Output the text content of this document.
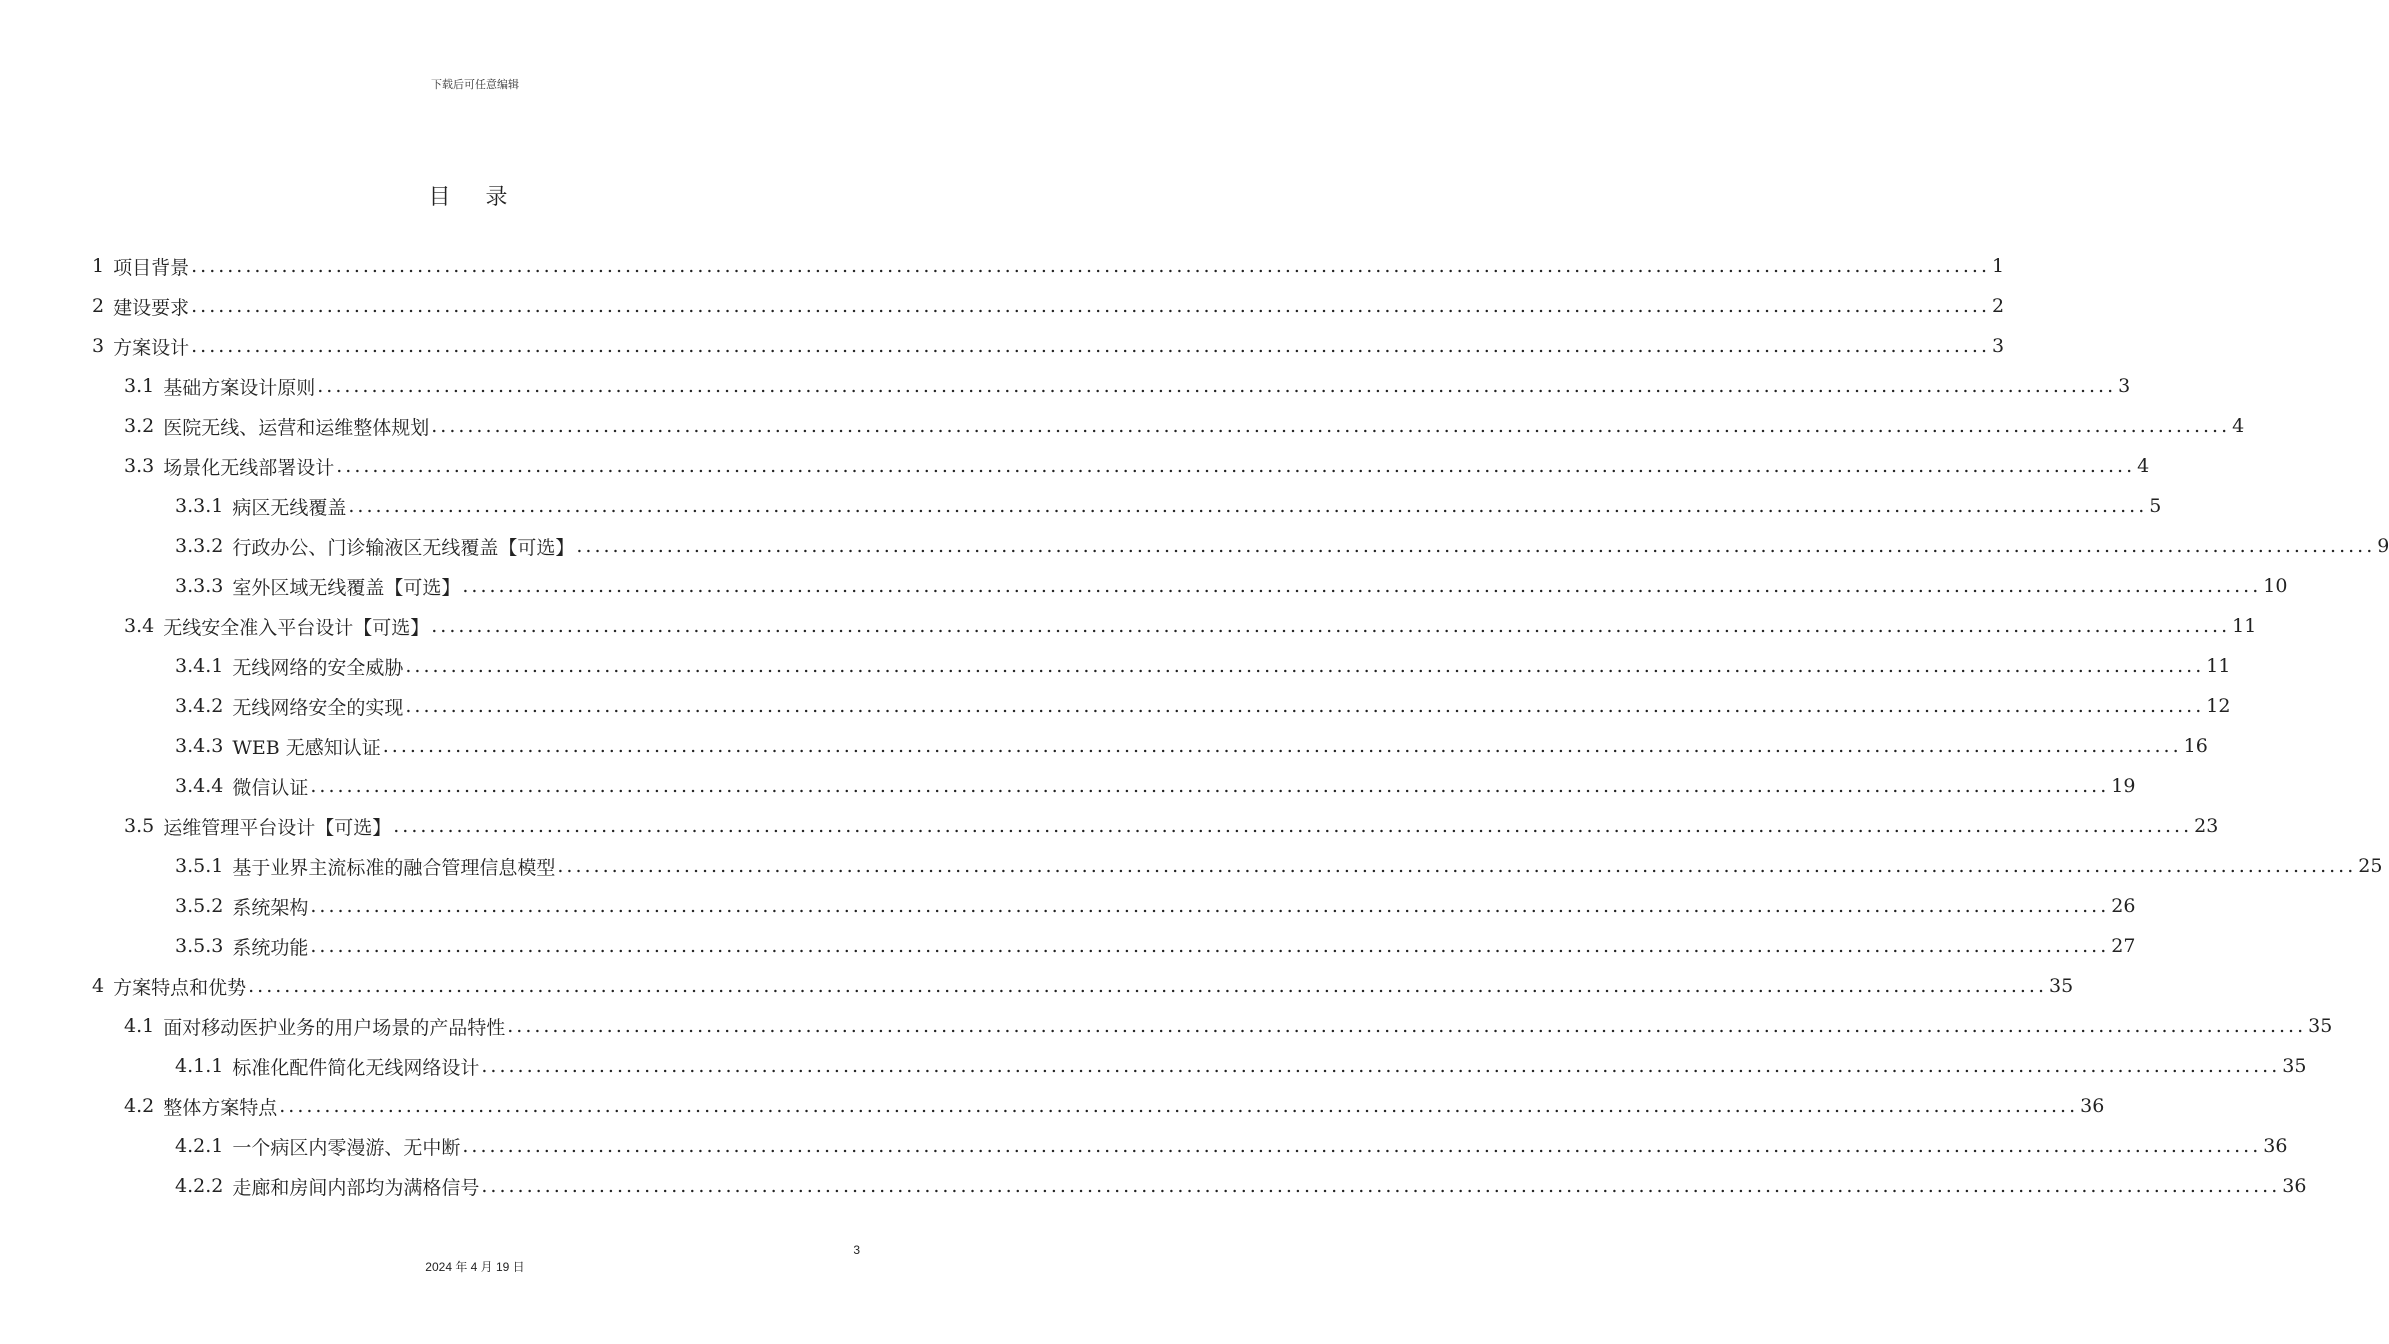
下载后可任意编辑
目 录
1 项目背景 ....................................................................................................................................................................................................... 1
2 建设要求 ....................................................................................................................................................................................................... 2
3 方案设计 ....................................................................................................................................................................................................... 3
3.1 基础方案设计原则 ....................................................................................................................................................................................................... 3
3.2 医院无线、运营和运维整体规划 ....................................................................................................................................................................................................... 4
3.3 场景化无线部署设计 ....................................................................................................................................................................................................... 4
3.3.1 病区无线覆盖 ....................................................................................................................................................................................................... 5
3.3.2 行政办公、门诊输液区无线覆盖【可选】 ....................................................................................................................................................................................................... 9
3.3.3 室外区域无线覆盖【可选】 ....................................................................................................................................................................................................... 10
3.4 无线安全准入平台设计【可选】 ....................................................................................................................................................................................................... 11
3.4.1 无线网络的安全威胁 ....................................................................................................................................................................................................... 11
3.4.2 无线网络安全的实现 ....................................................................................................................................................................................................... 12
3.4.3 WEB 无感知认证 ....................................................................................................................................................................................................... 16
3.4.4 微信认证 ....................................................................................................................................................................................................... 19
3.5 运维管理平台设计【可选】 ....................................................................................................................................................................................................... 23
3.5.1 基于业界主流标准的融合管理信息模型 ....................................................................................................................................................................................................... 25
3.5.2 系统架构 ....................................................................................................................................................................................................... 26
3.5.3 系统功能 ....................................................................................................................................................................................................... 27
4 方案特点和优势 ....................................................................................................................................................................................................... 35
4.1 面对移动医护业务的用户场景的产品特性 ....................................................................................................................................................................................................... 35
4.1.1 标准化配件简化无线网络设计 ....................................................................................................................................................................................................... 35
4.2 整体方案特点 ....................................................................................................................................................................................................... 36
4.2.1 一个病区内零漫游、无中断 ....................................................................................................................................................................................................... 36
4.2.2 走廊和房间内部均为满格信号 ....................................................................................................................................................................................................... 36
3
2024 年 4 月 19 日
